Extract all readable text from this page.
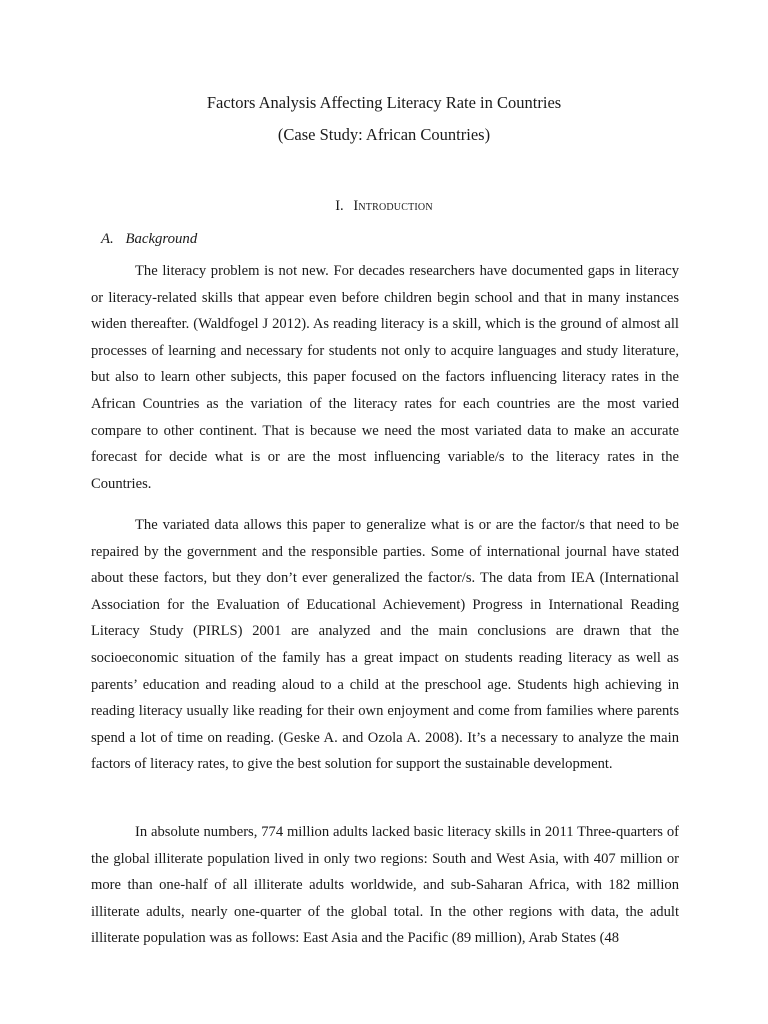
Factors Analysis Affecting Literacy Rate in Countries
(Case Study: African Countries)
I. Introduction
A. Background

The literacy problem is not new. For decades researchers have documented gaps in literacy or literacy-related skills that appear even before children begin school and that in many instances widen thereafter. (Waldfogel J 2012). As reading literacy is a skill, which is the ground of almost all processes of learning and necessary for students not only to acquire languages and study literature, but also to learn other subjects, this paper focused on the factors influencing literacy rates in the African Countries as the variation of the literacy rates for each countries are the most varied compare to other continent. That is because we need the most variated data to make an accurate forecast for decide what is or are the most influencing variable/s to the literacy rates in the Countries.

The variated data allows this paper to generalize what is or are the factor/s that need to be repaired by the government and the responsible parties. Some of international journal have stated about these factors, but they don’t ever generalized the factor/s. The data from IEA (International Association for the Evaluation of Educational Achievement) Progress in International Reading Literacy Study (PIRLS) 2001 are analyzed and the main conclusions are drawn that the socioeconomic situation of the family has a great impact on students reading literacy as well as parents’ education and reading aloud to a child at the preschool age. Students high achieving in reading literacy usually like reading for their own enjoyment and come from families where parents spend a lot of time on reading. (Geske A. and Ozola A. 2008). It’s a necessary to analyze the main factors of literacy rates, to give the best solution for support the sustainable development.

In absolute numbers, 774 million adults lacked basic literacy skills in 2011 Three-quarters of the global illiterate population lived in only two regions: South and West Asia, with 407 million or more than one-half of all illiterate adults worldwide, and sub-Saharan Africa, with 182 million illiterate adults, nearly one-quarter of the global total. In the other regions with data, the adult illiterate population was as follows: East Asia and the Pacific (89 million), Arab States (48
